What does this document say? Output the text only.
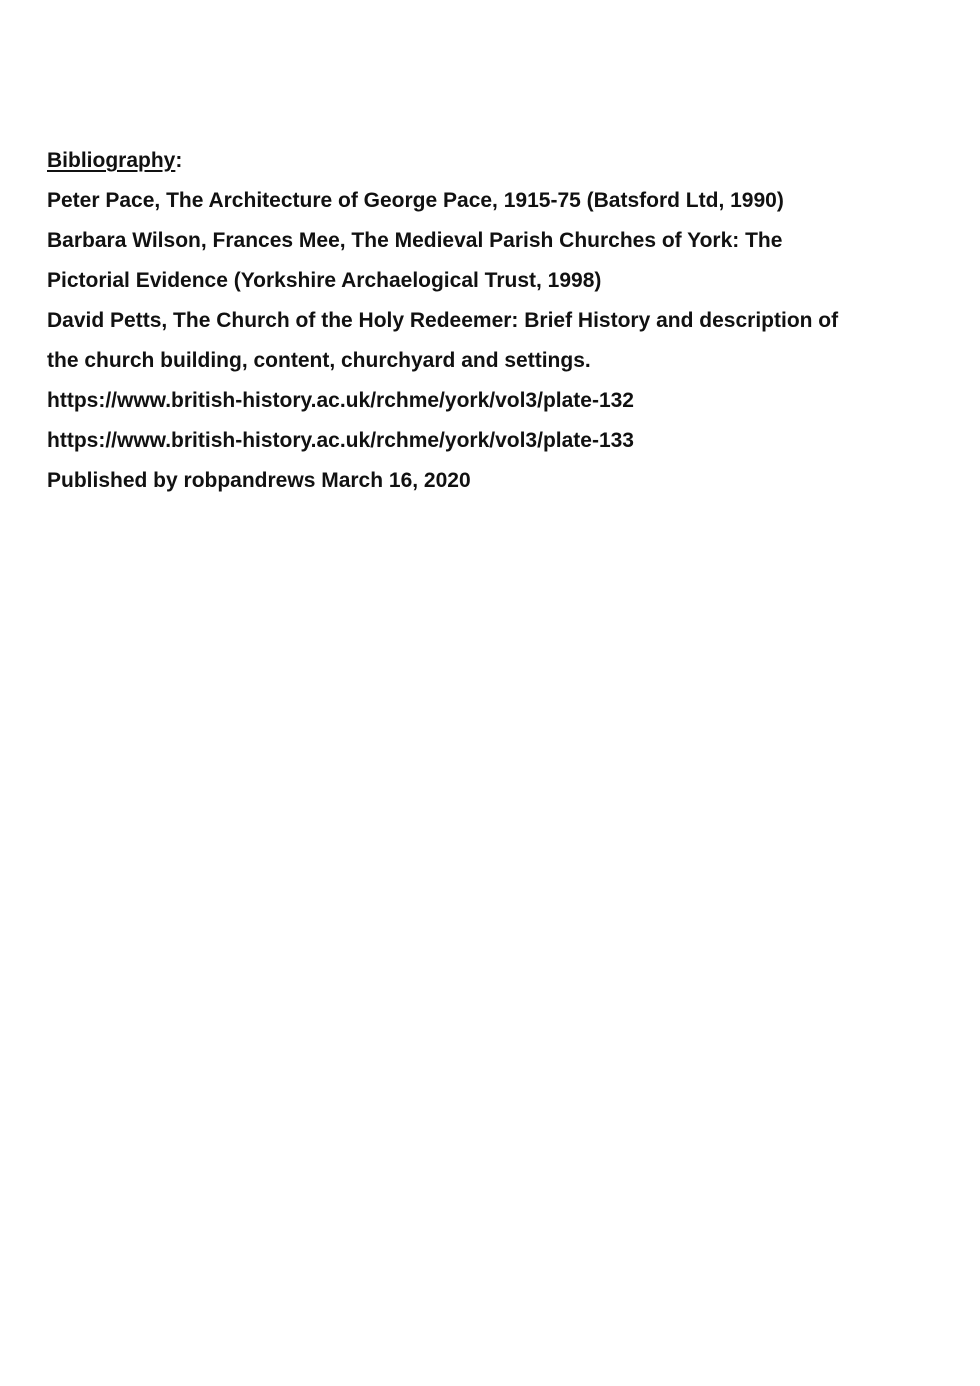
Bibliography:

Peter Pace, The Architecture of George Pace, 1915-75 (Batsford Ltd, 1990)

Barbara Wilson, Frances Mee, The Medieval Parish Churches of York: The

Pictorial Evidence (Yorkshire Archaelogical Trust, 1998)

David Petts, The Church of the Holy Redeemer: Brief History and description of

the church building, content, churchyard and settings.

https://www.british-history.ac.uk/rchme/york/vol3/plate-132

https://www.british-history.ac.uk/rchme/york/vol3/plate-133

Published by robpandrews March 16, 2020
